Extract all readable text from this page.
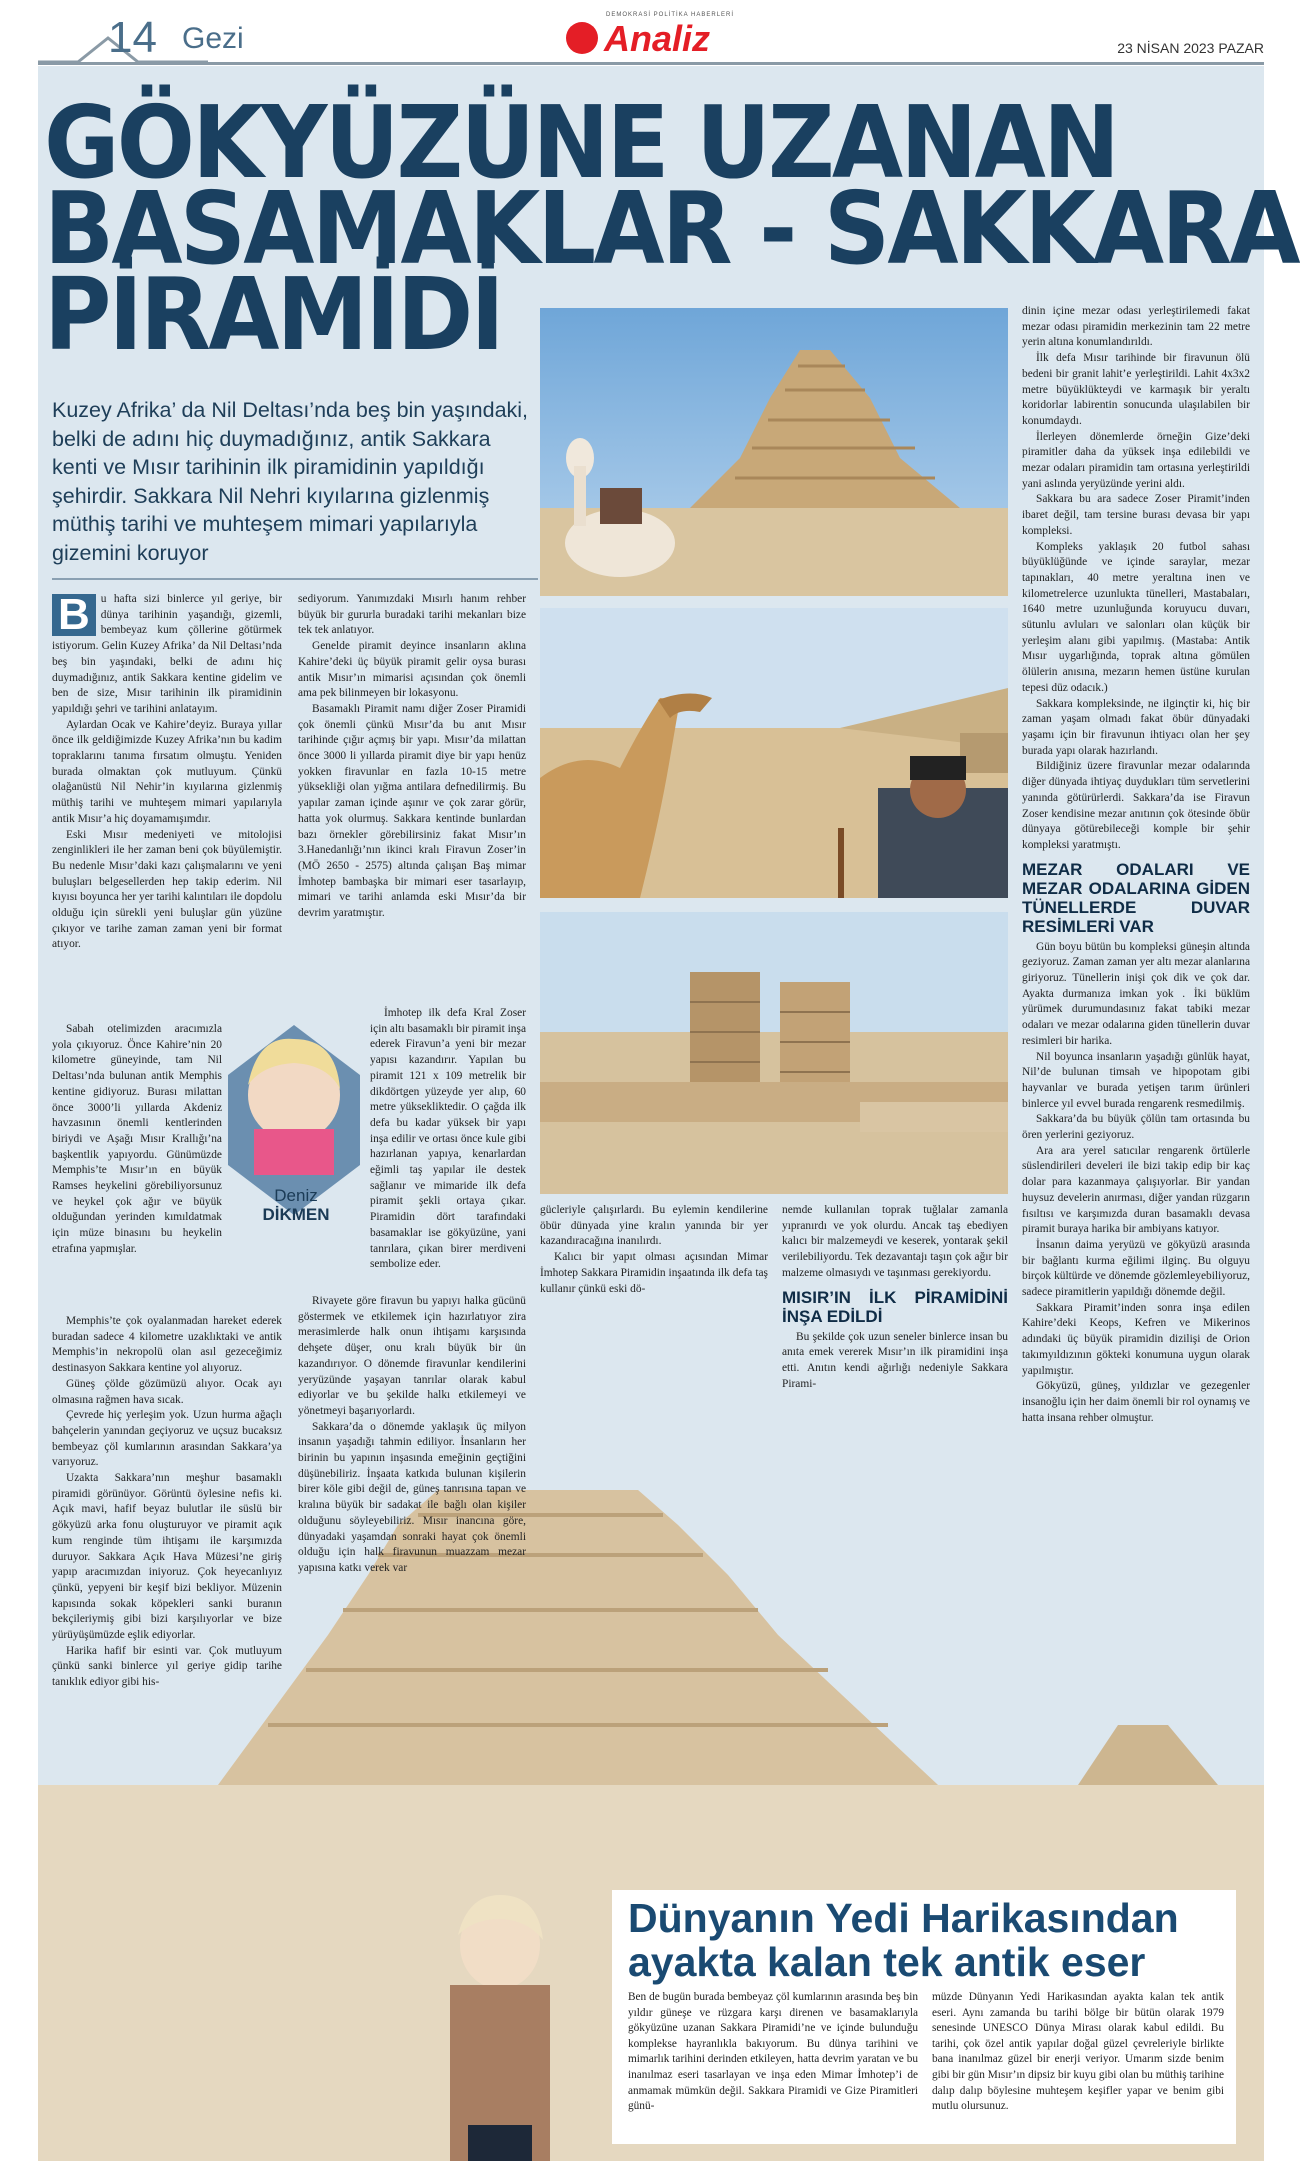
14 Gezi
DEMOKRASİ POLİTİKA HABERLERİ
Analiz	23 NİSAN 2023 PAZAR
GÖKYÜZÜNE UZANAN
BASAMAKLAR - SAKKARA
PİRAMİDİ
Kuzey Afrika’ da Nil Deltası’nda beş bin yaşındaki, belki de adını hiç duymadığınız, antik Sakkara kenti ve Mısır tarihinin ilk piramidinin yapıldığı şehirdir. Sakkara Nil Nehri kıyılarına gizlenmiş müthiş tarihi ve muhteşem mimari yapılarıyla gizemini koruyor
Deniz
DİKMEN

B u hafta sizi binlerce yıl geriye, bir dünya tarihinin yaşandığı, gizemli, bembeyaz kum çöllerine götürmek istiyorum. Gelin Kuzey Afrika’ da Nil Deltası’nda beş bin yaşındaki, belki de adını hiç duymadığınız, antik Sakkara kentine gidelim ve ben de size, Mısır tarihinin ilk piramidinin yapıldığı şehri ve tarihini anlatayım.

Aylardan Ocak ve Kahire’deyiz. Buraya yıllar önce ilk geldiğimizde Kuzey Afrika’nın bu kadim topraklarını tanıma fırsatım olmuştu. Yeniden burada olmaktan çok mutluyum. Çünkü olağanüstü Nil Nehir’in kıyılarına gizlenmiş müthiş tarihi ve muhteşem mimari yapılarıyla antik Mısır’a hiç doyamamışımdır.

Eski Mısır medeniyeti ve mitolojisi zenginlikleri ile her zaman beni çok büyülemiştir. Bu nedenle Mısır’daki kazı çalışmalarını ve yeni buluşları belgesellerden hep takip ederim. Nil kıyısı boyunca her yer tarihi kalıntıları ile dopdolu olduğu için sürekli yeni buluşlar gün yüzüne çıkıyor ve tarihe zaman zaman yeni bir format atıyor.

Sabah otelimizden aracımızla yola çıkıyoruz. Önce Kahire’nin 20 kilometre güneyinde, tam Nil Deltası’nda bulunan antik Memphis kentine gidiyoruz. Burası milattan önce 3000’li yıllarda Akdeniz havzasının önemli kentlerinden biriydi ve Aşağı Mısır Krallığı’na başkentlik yapıyordu. Günümüzde Memphis’te Mısır’ın en büyük Ramses heykelini görebiliyorsunuz ve heykel çok ağır ve büyük olduğundan yerinden kımıldatmak için müze binasını bu heykelin etrafına yapmışlar.

Memphis’te çok oyalanmadan hareket ederek buradan sadece 4 kilometre uzaklıktaki ve antik Memphis’in nekropolü olan asıl gezeceğimiz destinasyon Sakkara kentine yol alıyoruz.

Güneş çölde gözümüzü alıyor. Ocak ayı olmasına rağmen hava sıcak.

Çevrede hiç yerleşim yok. Uzun hurma ağaçlı bahçelerin yanından geçiyoruz ve uçsuz bucaksız bembeyaz çöl kumlarının arasından Sakkara’ya varıyoruz.

Uzakta Sakkara’nın meşhur basamaklı piramidi görünüyor. Görüntü öylesine nefis ki. Açık mavi, hafif beyaz bulutlar ile süslü bir gökyüzü arka fonu oluşturuyor ve piramit açık kum renginde tüm ihtişamı ile karşımızda duruyor. Sakkara Açık Hava Müzesi’ne giriş yapıp aracımızdan iniyoruz. Çok heyecanlıyız çünkü, yepyeni bir keşif bizi bekliyor. Müzenin kapısında sokak köpekleri sanki buranın bekçileriymiş gibi bizi karşılıyorlar ve bize yürüyüşümüzde eşlik ediyorlar.

Harika hafif bir esinti var. Çok mutluyum çünkü sanki binlerce yıl geriye gidip tarihe tanıklık ediyor gibi his-

sediyorum. Yanımızdaki Mısırlı hanım rehber büyük bir gururla buradaki tarihi mekanları bize tek tek anlatıyor.

Genelde piramit deyince insanların aklına Kahire’deki üç büyük piramit gelir oysa burası antik Mısır’ın mimarisi açısından çok önemli ama pek bilinmeyen bir lokasyonu.

Basamaklı Piramit namı diğer Zoser Piramidi çok önemli çünkü Mısır’da bu anıt Mısır tarihinde çığır açmış bir yapı. Mısır’da milattan önce 3000 li yıllarda piramit diye bir yapı henüz yokken firavunlar en fazla 10-15 metre yüksekliği olan yığma antilara defnedilirmiş. Bu yapılar zaman içinde aşınır ve çok zarar görür, hatta yok olurmuş. Sakkara kentinde bunlardan bazı örnekler görebilirsiniz fakat Mısır’ın 3.Hanedanlığı’nın ikinci kralı Firavun Zoser’in (MÖ 2650 - 2575) altında çalışan Baş mimar İmhotep bambaşka bir mimari eser tasarlayıp, mimari ve tarihi anlamda eski Mısır’da bir devrim yaratmıştır.

İmhotep ilk defa Kral Zoser için altı basamaklı bir piramit inşa ederek Firavun’a yeni bir mezar yapısı kazandırır. Yapılan bu piramit 121 x 109 metrelik bir dikdörtgen yüzeyde yer alıp, 60 metre yüksekliktedir. O çağda ilk defa bu kadar yüksek bir yapı inşa edilir ve ortası önce kule gibi hazırlanan yapıya, kenarlardan eğimli taş yapılar ile destek sağlanır ve mimaride ilk defa piramit şekli ortaya çıkar. Piramidin dört tarafındaki basamaklar ise gökyüzüne, yani tanrılara, çıkan birer merdiveni sembolize eder.

Rivayete göre firavun bu yapıyı halka gücünü göstermek ve etkilemek için hazırlatıyor zira merasimlerde halk onun ihtişamı karşısında dehşete düşer, onu kralı büyük bir ün kazandırıyor. O dönemde firavunlar kendilerini yeryüzünde yaşayan tanrılar olarak kabul ediyorlar ve bu şekilde halkı etkilemeyi ve yönetmeyi başarıyorlardı.

Sakkara’da o dönemde yaklaşık üç milyon insanın yaşadığı tahmin ediliyor. İnsanların her birinin bu yapının inşasında emeğinin geçtiğini düşünebiliriz. İnşaata katkıda bulunan kişilerin birer köle gibi değil de, güneş tanrısına tapan ve kralına büyük bir sadakat ile bağlı olan kişiler olduğunu söyleyebiliriz. Mısır inancına göre, dünyadaki yaşamdan sonraki hayat çok önemli olduğu için halk firavunun muazzam mezar yapısına katkı verek var

gücleriyle çalışırlardı. Bu eylemin kendilerine öbür dünyada yine kralın yanında bir yer kazandıracağına inanılırdı.

Kalıcı bir yapıt olması açısından Mimar İmhotep Sakkara Piramidin inşaatında ilk defa taş kullanır çünkü eski dö-

nemde kullanılan toprak tuğlalar zamanla yıpranırdı ve yok olurdu. Ancak taş ebediyen kalıcı bir malzemeydi ve keserek, yontarak şekil verilebiliyordu. Tek dezavantajı taşın çok ağır bir malzeme olmasıydı ve taşınması gerekiyordu.

MISIR’IN İLK PİRAMİDİNİ İNŞA EDİLDİ

Bu şekilde çok uzun seneler binlerce insan bu anıta emek vererek Mısır’ın ilk piramidini inşa etti. Anıtın kendi ağırlığı nedeniyle Sakkara Pirami-

dinin içine mezar odası yerleştirilemedi fakat mezar odası piramidin merkezinin tam 22 metre yerin altına konumlandırıldı.

İlk defa Mısır tarihinde bir firavunun ölü bedeni bir granit lahit’e yerleştirildi. Lahit 4x3x2 metre büyüklükteydi ve karmaşık bir yeraltı koridorlar labirentin sonucunda ulaşılabilen bir konumdaydı.

İlerleyen dönemlerde örneğin Gize’deki piramitler daha da yüksek inşa edilebildi ve mezar odaları piramidin tam ortasına yerleştirildi yani aslında yeryüzünde yerini aldı.

Sakkara bu ara sadece Zoser Piramit’inden ibaret değil, tam tersine burası devasa bir yapı kompleksi.

Kompleks yaklaşık 20 futbol sahası büyüklüğünde ve içinde saraylar, mezar tapınakları, 40 metre yeraltına inen ve kilometrelerce uzunlukta tünelleri, Mastabaları, 1640 metre uzunluğunda koruyucu duvarı, sütunlu avluları ve salonları olan küçük bir yerleşim alanı gibi yapılmış. (Mastaba: Antik Mısır uygarlığında, toprak altına gömülen ölülerin anısına, mezarın hemen üstüne kurulan tepesi düz odacık.)

Sakkara kompleksinde, ne ilginçtir ki, hiç bir zaman yaşam olmadı fakat öbür dünyadaki yaşamı için bir firavunun ihtiyacı olan her şey burada yapı olarak hazırlandı.

Bildiğiniz üzere firavunlar mezar odalarında diğer dünyada ihtiyaç duydukları tüm servetlerini yanında götürürlerdi. Sakkara’da ise Firavun Zoser kendisine mezar anıtının çok ötesinde öbür dünyaya götürebileceği komple bir şehir kompleksi yaratmıştı.

MEZAR ODALARI VE MEZAR ODALARINA GİDEN TÜNELLERDE DUVAR RESİMLERİ VAR

Gün boyu bütün bu kompleksi güneşin altında geziyoruz. Zaman zaman yer altı mezar alanlarına giriyoruz. Tünellerin inişi çok dik ve çok dar. Ayakta durmanıza imkan yok . İki büklüm yürümek durumundasınız fakat tabiki mezar odaları ve mezar odalarına giden tünellerin duvar resimleri bir harika.

Nil boyunca insanların yaşadığı günlük hayat, Nil’de bulunan timsah ve hipopotam gibi hayvanlar ve burada yetişen tarım ürünleri binlerce yıl evvel burada rengarenk resmedilmiş.

Sakkara’da bu büyük çölün tam ortasında bu ören yerlerini geziyoruz.

Ara ara yerel satıcılar rengarenk örtülerle süslendirileri develeri ile bizi takip edip bir kaç dolar para kazanmaya çalışıyorlar. Bir yandan huysuz develerin anırması, diğer yandan rüzgarın fısıltısı ve karşımızda duran basamaklı devasa piramit buraya harika bir ambiyans katıyor.

İnsanın daima yeryüzü ve gökyüzü arasında bir bağlantı kurma eğilimi ilginç. Bu olguyu birçok kültürde ve dönemde gözlemleyebiliyoruz, sadece piramitlerin yapıldığı dönemde değil.

Sakkara Piramit’inden sonra inşa edilen Kahire’deki Keops, Kefren ve Mikerinos adındaki üç büyük piramidin dizilişi de Orion takımyıldızının gökteki konumuna uygun olarak yapılmıştır.

Gökyüzü, güneş, yıldızlar ve gezegenler insanoğlu için her daim önemli bir rol oynamış ve hatta insana rehber olmuştur.

Dünyanın Yedi Harikasından
ayakta kalan tek antik eser
Ben de bugün burada bembeyaz çöl kumlarının arasında beş bin yıldır güneşe ve rüzgara karşı direnen ve basamaklarıyla gökyüzüne uzanan Sakkara Piramidi’ne ve içinde bulunduğu komplekse hayranlıkla bakıyorum. Bu dünya tarihini ve mimarlık tarihini derinden etkileyen, hatta devrim yaratan ve bu inanılmaz eseri tasarlayan ve inşa eden Mimar İmhotep’i de anmamak mümkün değil. Sakkara Piramidi ve Gize Piramitleri günü-
müzde Dünyanın Yedi Harikasından ayakta kalan tek antik eseri. Aynı zamanda bu tarihi bölge bir bütün olarak 1979 senesinde UNESCO Dünya Mirası olarak kabul edildi. Bu tarihi, çok özel antik yapılar doğal güzel çevreleriyle birlikte bana inanılmaz güzel bir enerji veriyor. Umarım sizde benim gibi bir gün Mısır’ın dipsiz bir kuyu gibi olan bu müthiş tarihine dalıp dalıp böylesine muhteşem keşifler yapar ve benim gibi mutlu olursunuz.
